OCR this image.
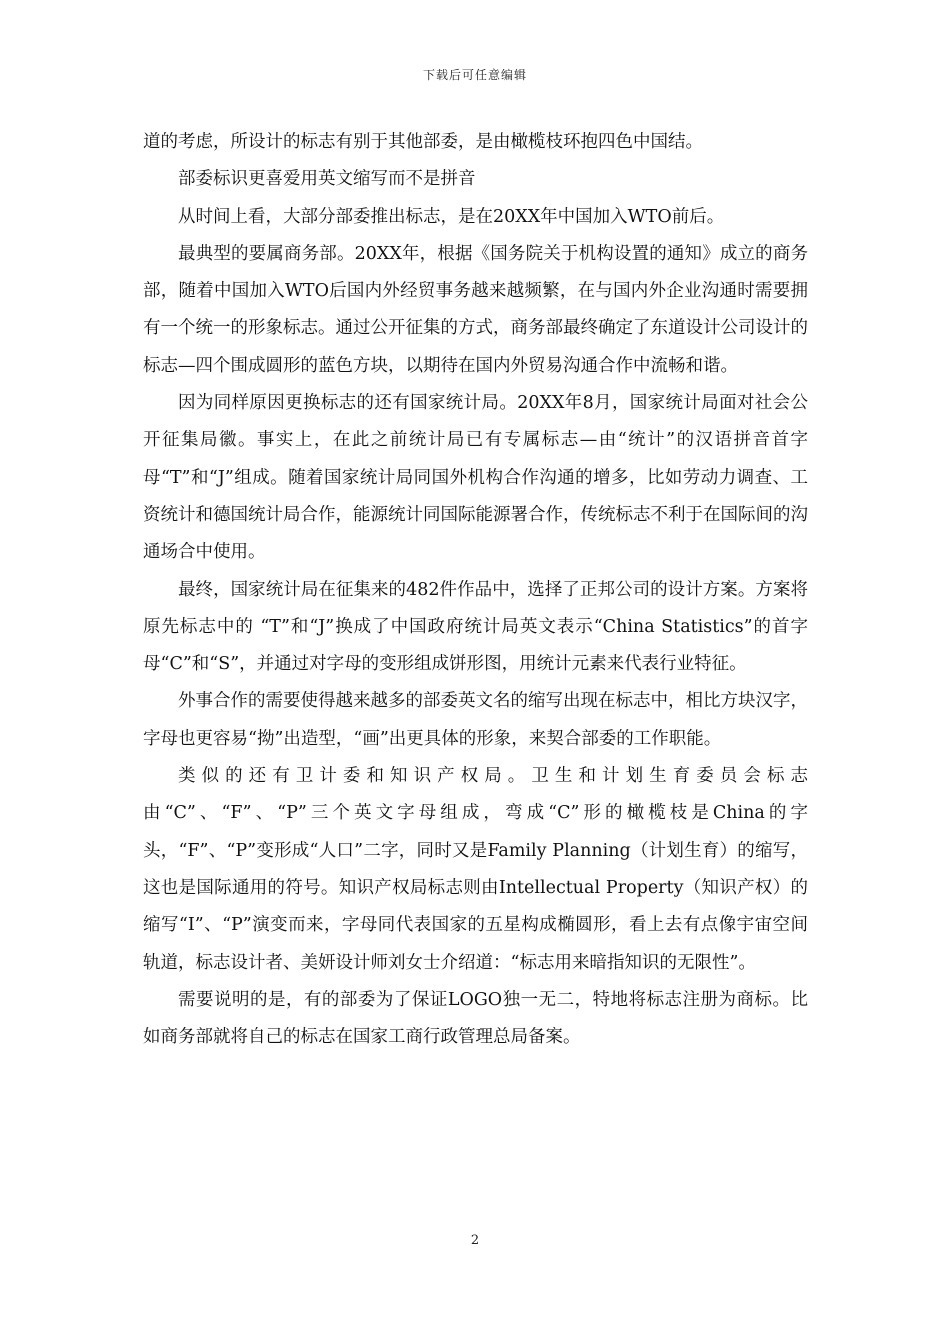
下载后可任意编辑

道的考虑，所设计的标志有别于其他部委，是由橄榄枝环抱四色中国结。

部委标识更喜爱用英文缩写而不是拼音

从时间上看，大部分部委推出标志，是在20XX年中国加入WTO前后。

最典型的要属商务部。20XX年，根据《国务院关于机构设置的通知》成立的商务部，随着中国加入WTO后国内外经贸事务越来越频繁，在与国内外企业沟通时需要拥有一个统一的形象标志。通过公开征集的方式，商务部最终确定了东道设计公司设计的标志—四个围成圆形的蓝色方块，以期待在国内外贸易沟通合作中流畅和谐。

因为同样原因更换标志的还有国家统计局。20XX年8月，国家统计局面对社会公开征集局徽。事实上，在此之前统计局已有专属标志—由“统计”的汉语拼音首字母“T”和“J”组成。随着国家统计局同国外机构合作沟通的增多，比如劳动力调查、工资统计和德国统计局合作，能源统计同国际能源署合作，传统标志不利于在国际间的沟通场合中使用。

最终，国家统计局在征集来的482件作品中，选择了正邦公司的设计方案。方案将原先标志中的 “T”和“J”换成了中国政府统计局英文表示“China Statistics”的首字母“C”和“S”，并通过对字母的变形组成饼形图，用统计元素来代表行业特征。

外事合作的需要使得越来越多的部委英文名的缩写出现在标志中，相比方块汉字，字母也更容易“拗”出造型，“画”出更具体的形象，来契合部委的工作职能。

类似的还有卫计委和知识产权局。卫生和计划生育委员会标志由“C”、“F”、“P”三个英文字母组成，弯成“C”形的橄榄枝是China的字头，“F”、“P”变形成“人口”二字，同时又是Family Planning（计划生育）的缩写，这也是国际通用的符号。知识产权局标志则由Intellectual Property（知识产权）的缩写“I”、“P”演变而来，字母同代表国家的五星构成椭圆形，看上去有点像宇宙空间轨道，标志设计者、美妍设计师刘女士介绍道：“标志用来暗指知识的无限性”。

需要说明的是，有的部委为了保证LOGO独一无二，特地将标志注册为商标。比如商务部就将自己的标志在国家工商行政管理总局备案。

2
